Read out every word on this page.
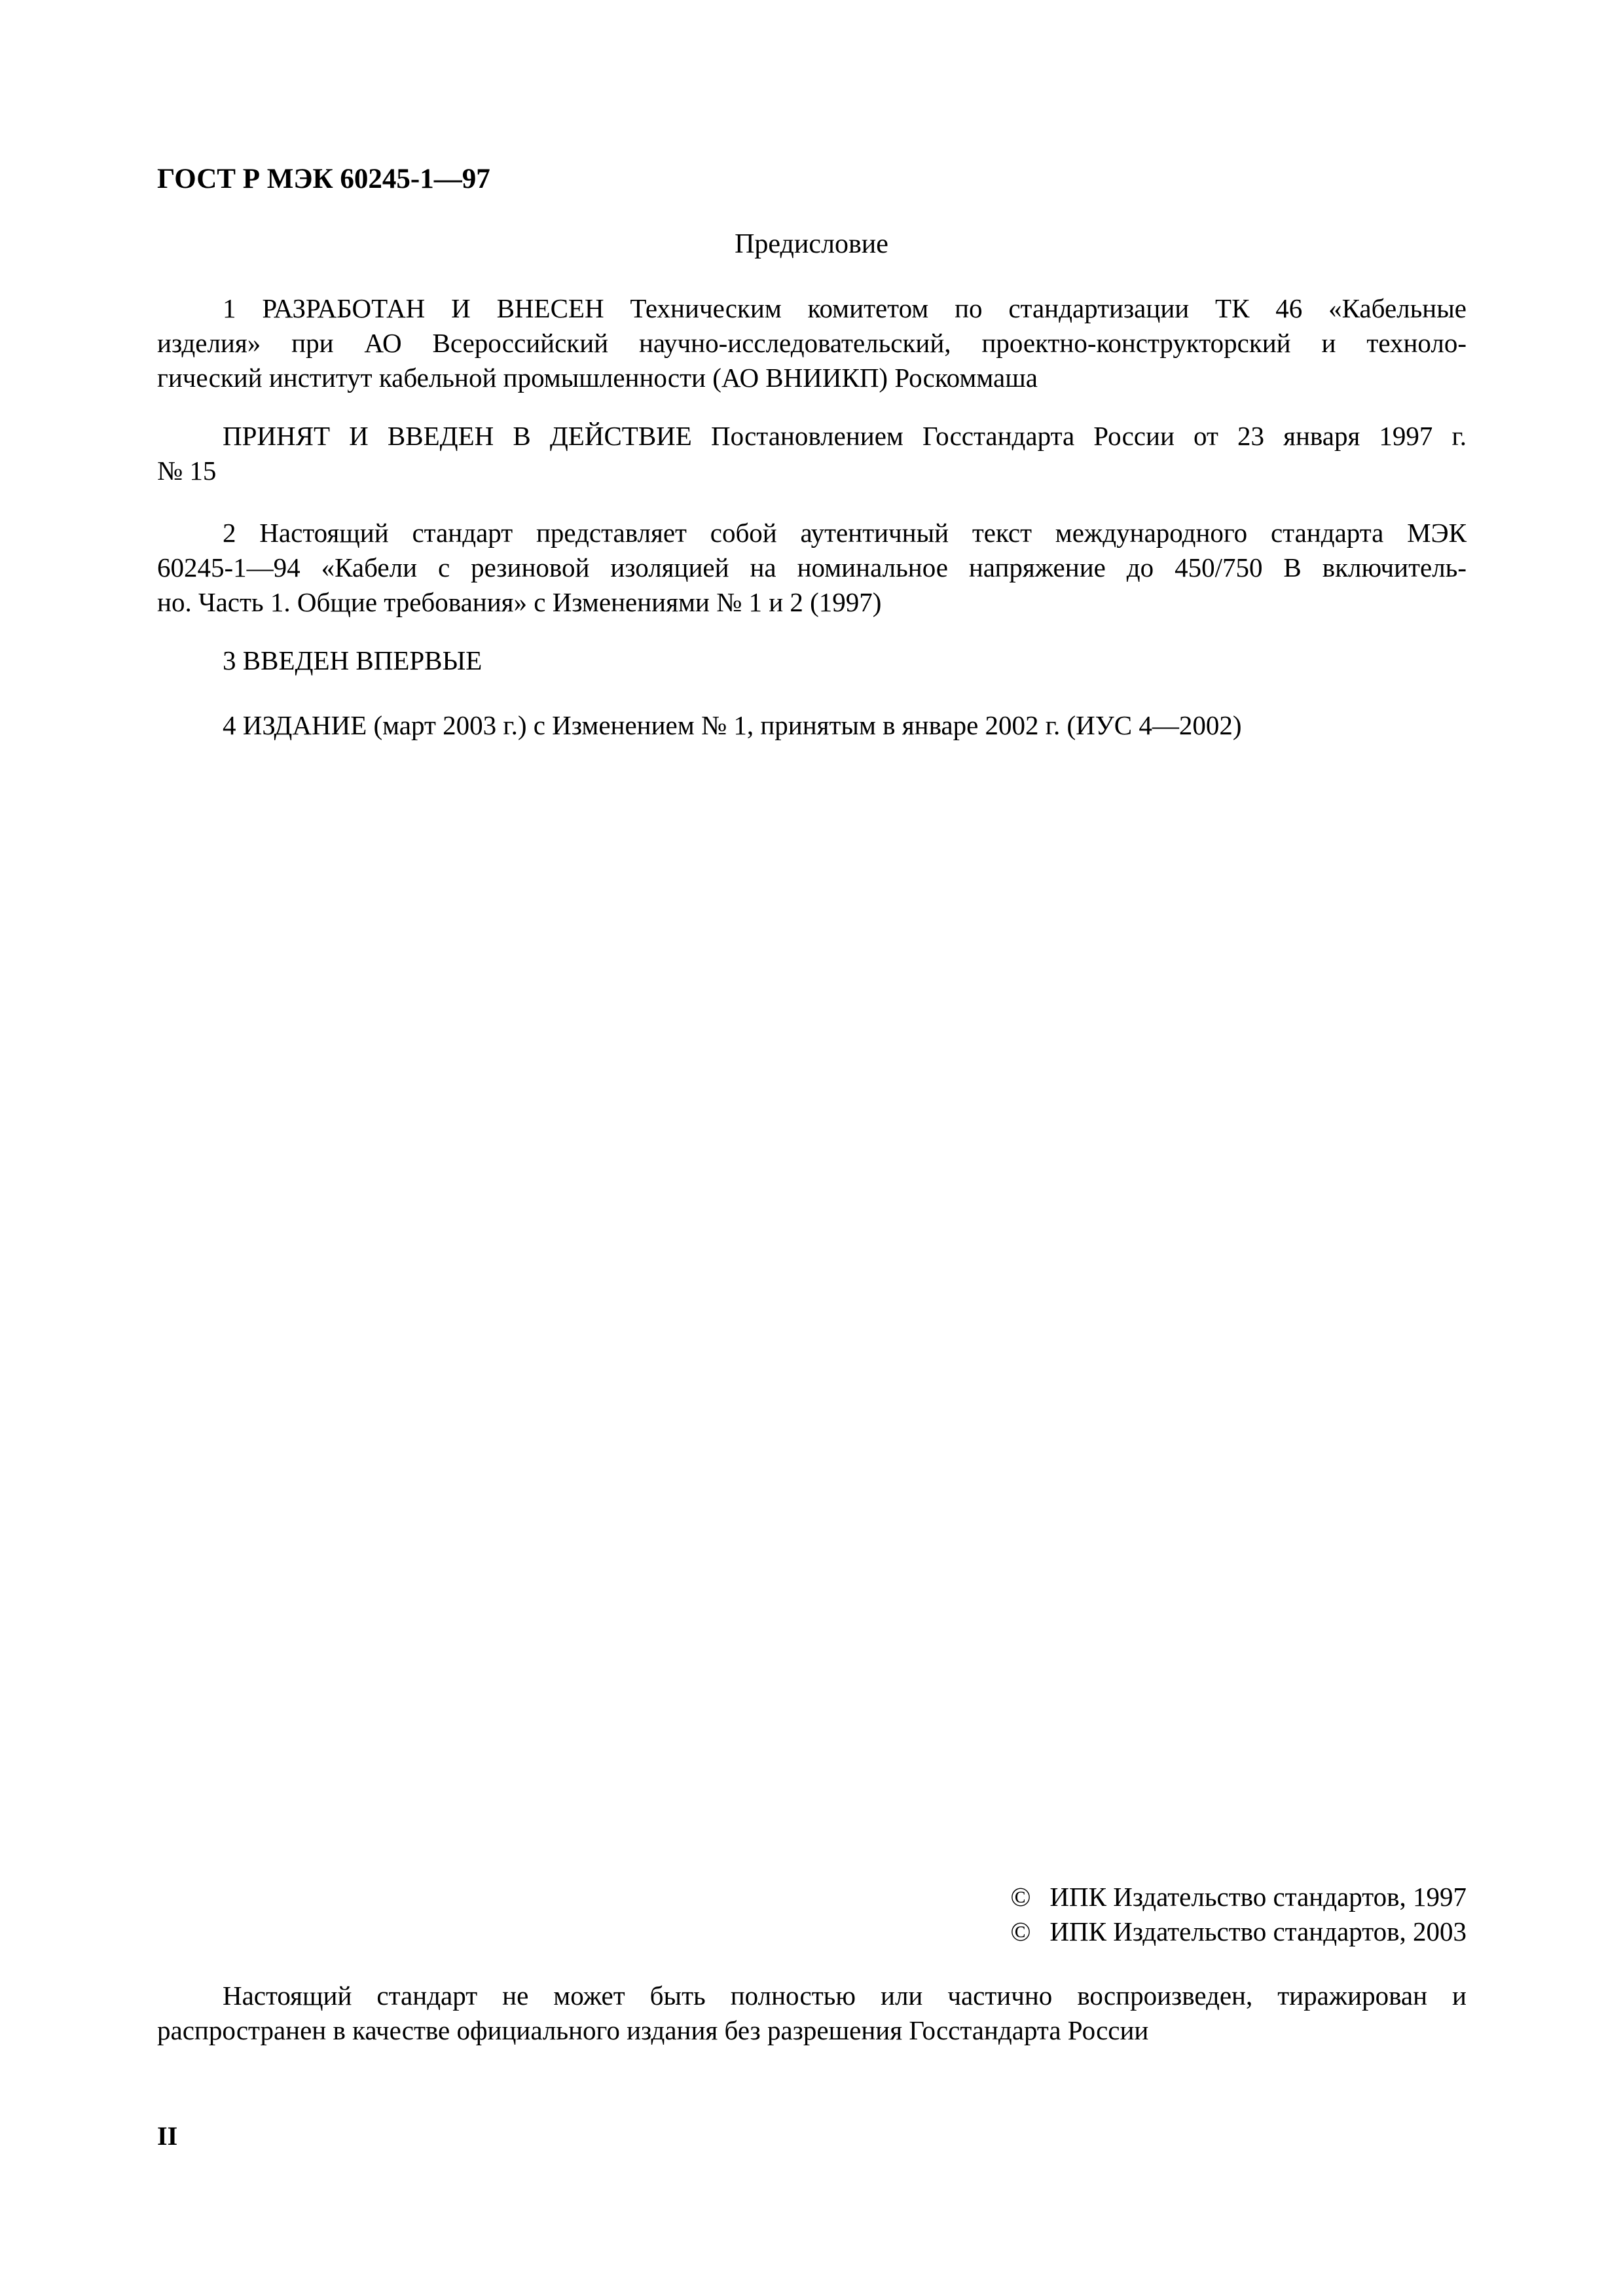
ГОСТ Р МЭК 60245-1—97
Предисловие
1 РАЗРАБОТАН И ВНЕСЕН Техническим комитетом по стандартизации ТК 46 «Кабельные
изделия» при АО Всероссийский научно-исследовательский, проектно-конструкторский и техноло-
гический институт кабельной промышленности (АО ВНИИКП) Роскоммаша
ПРИНЯТ И ВВЕДЕН В ДЕЙСТВИЕ Постановлением Госстандарта России от 23 января 1997 г.
№ 15
2 Настоящий стандарт представляет собой аутентичный текст международного стандарта МЭК
60245-1—94 «Кабели с резиновой изоляцией на номинальное напряжение до 450/750 В включитель-
но. Часть 1. Общие требования» с Изменениями № 1 и 2 (1997)
3 ВВЕДЕН ВПЕРВЫЕ
4 ИЗДАНИЕ (март 2003 г.) с Изменением № 1, принятым в январе 2002 г. (ИУС 4—2002)
© ИПК Издательство стандартов, 1997
© ИПК Издательство стандартов, 2003
Настоящий стандарт не может быть полностью или частично воспроизведен, тиражирован и
распространен в качестве официального издания без разрешения Госстандарта России
II
